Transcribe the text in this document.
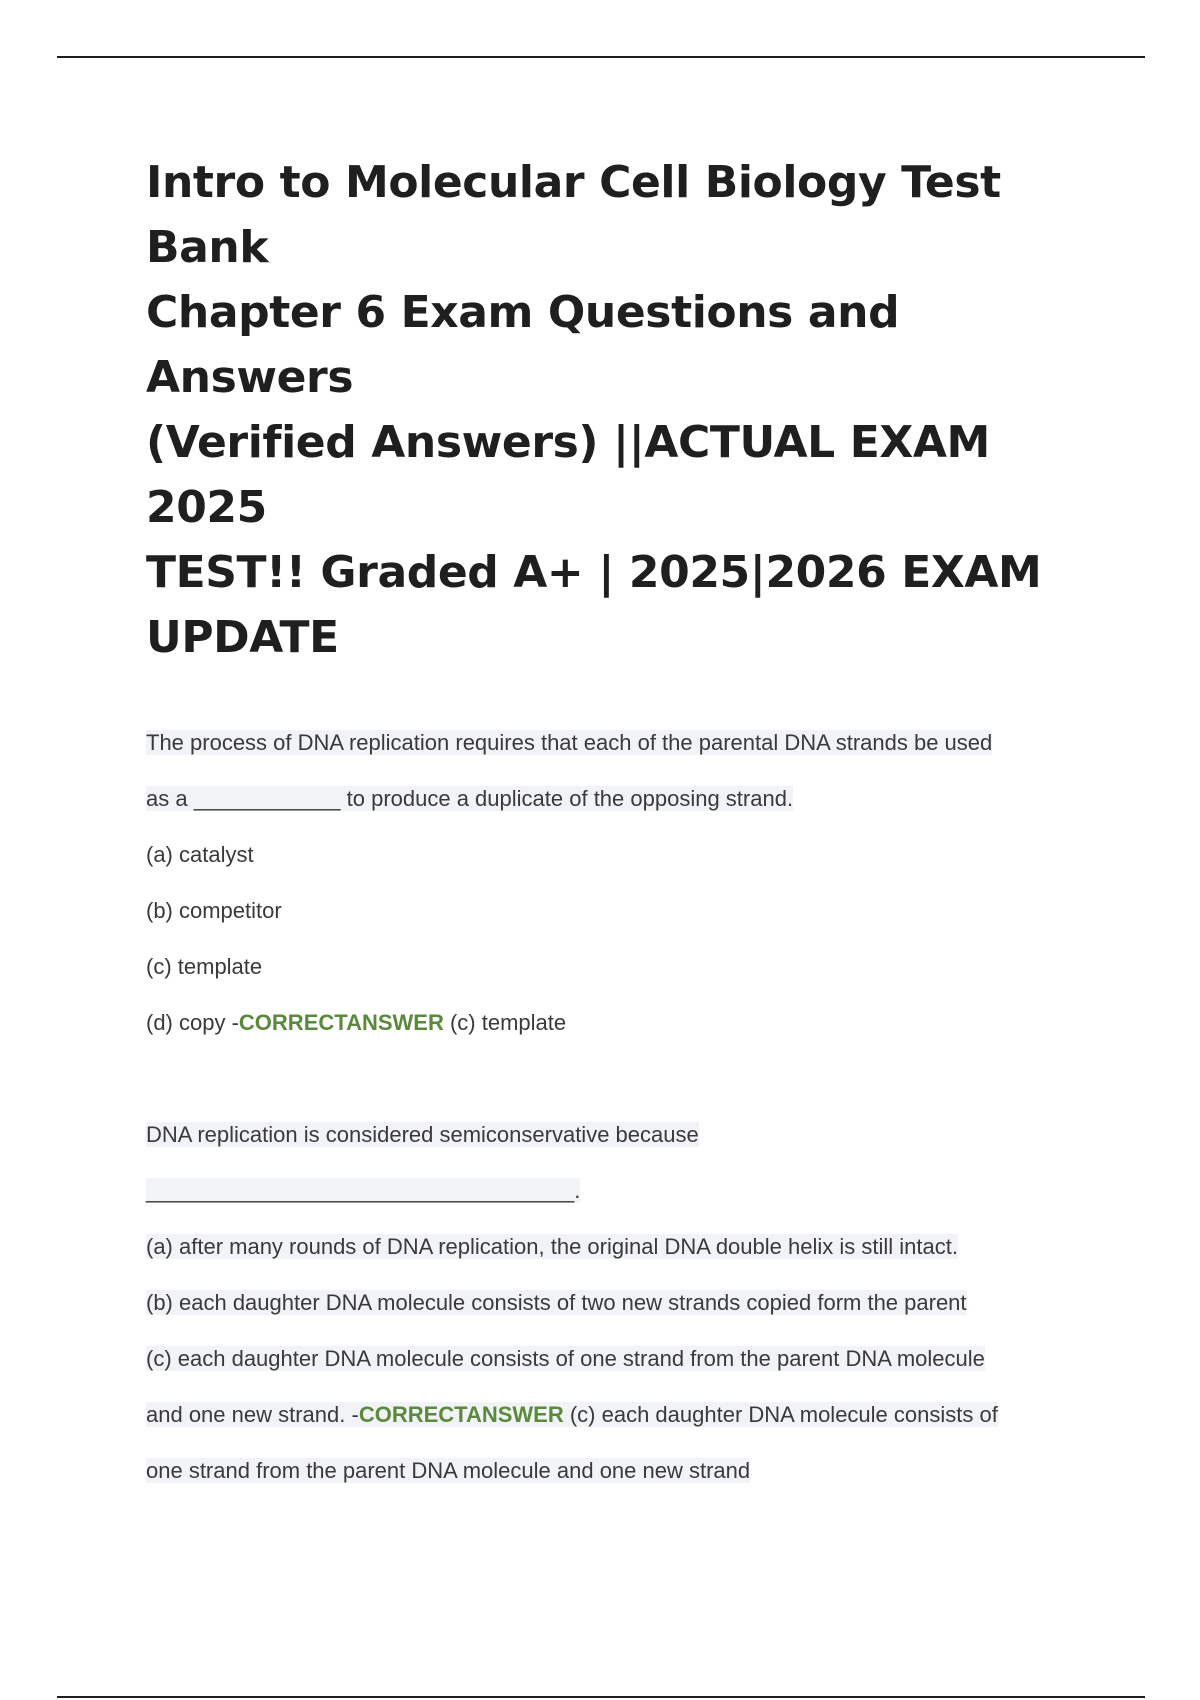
Intro to Molecular Cell Biology Test Bank
Chapter 6 Exam Questions and Answers
(Verified Answers) ||ACTUAL EXAM 2025
TEST!! Graded A+ | 2025|2026 EXAM
UPDATE
The process of DNA replication requires that each of the parental DNA strands be used
as a ____________ to produce a duplicate of the opposing strand.
(a) catalyst
(b) competitor
(c) template
(d) copy -CORRECTANSWER (c) template
DNA replication is considered semiconservative because
___________________________________.
(a) after many rounds of DNA replication, the original DNA double helix is still intact.
(b) each daughter DNA molecule consists of two new strands copied form the parent
(c) each daughter DNA molecule consists of one strand from the parent DNA molecule
and one new strand. -CORRECTANSWER (c) each daughter DNA molecule consists of
one strand from the parent DNA molecule and one new strand
